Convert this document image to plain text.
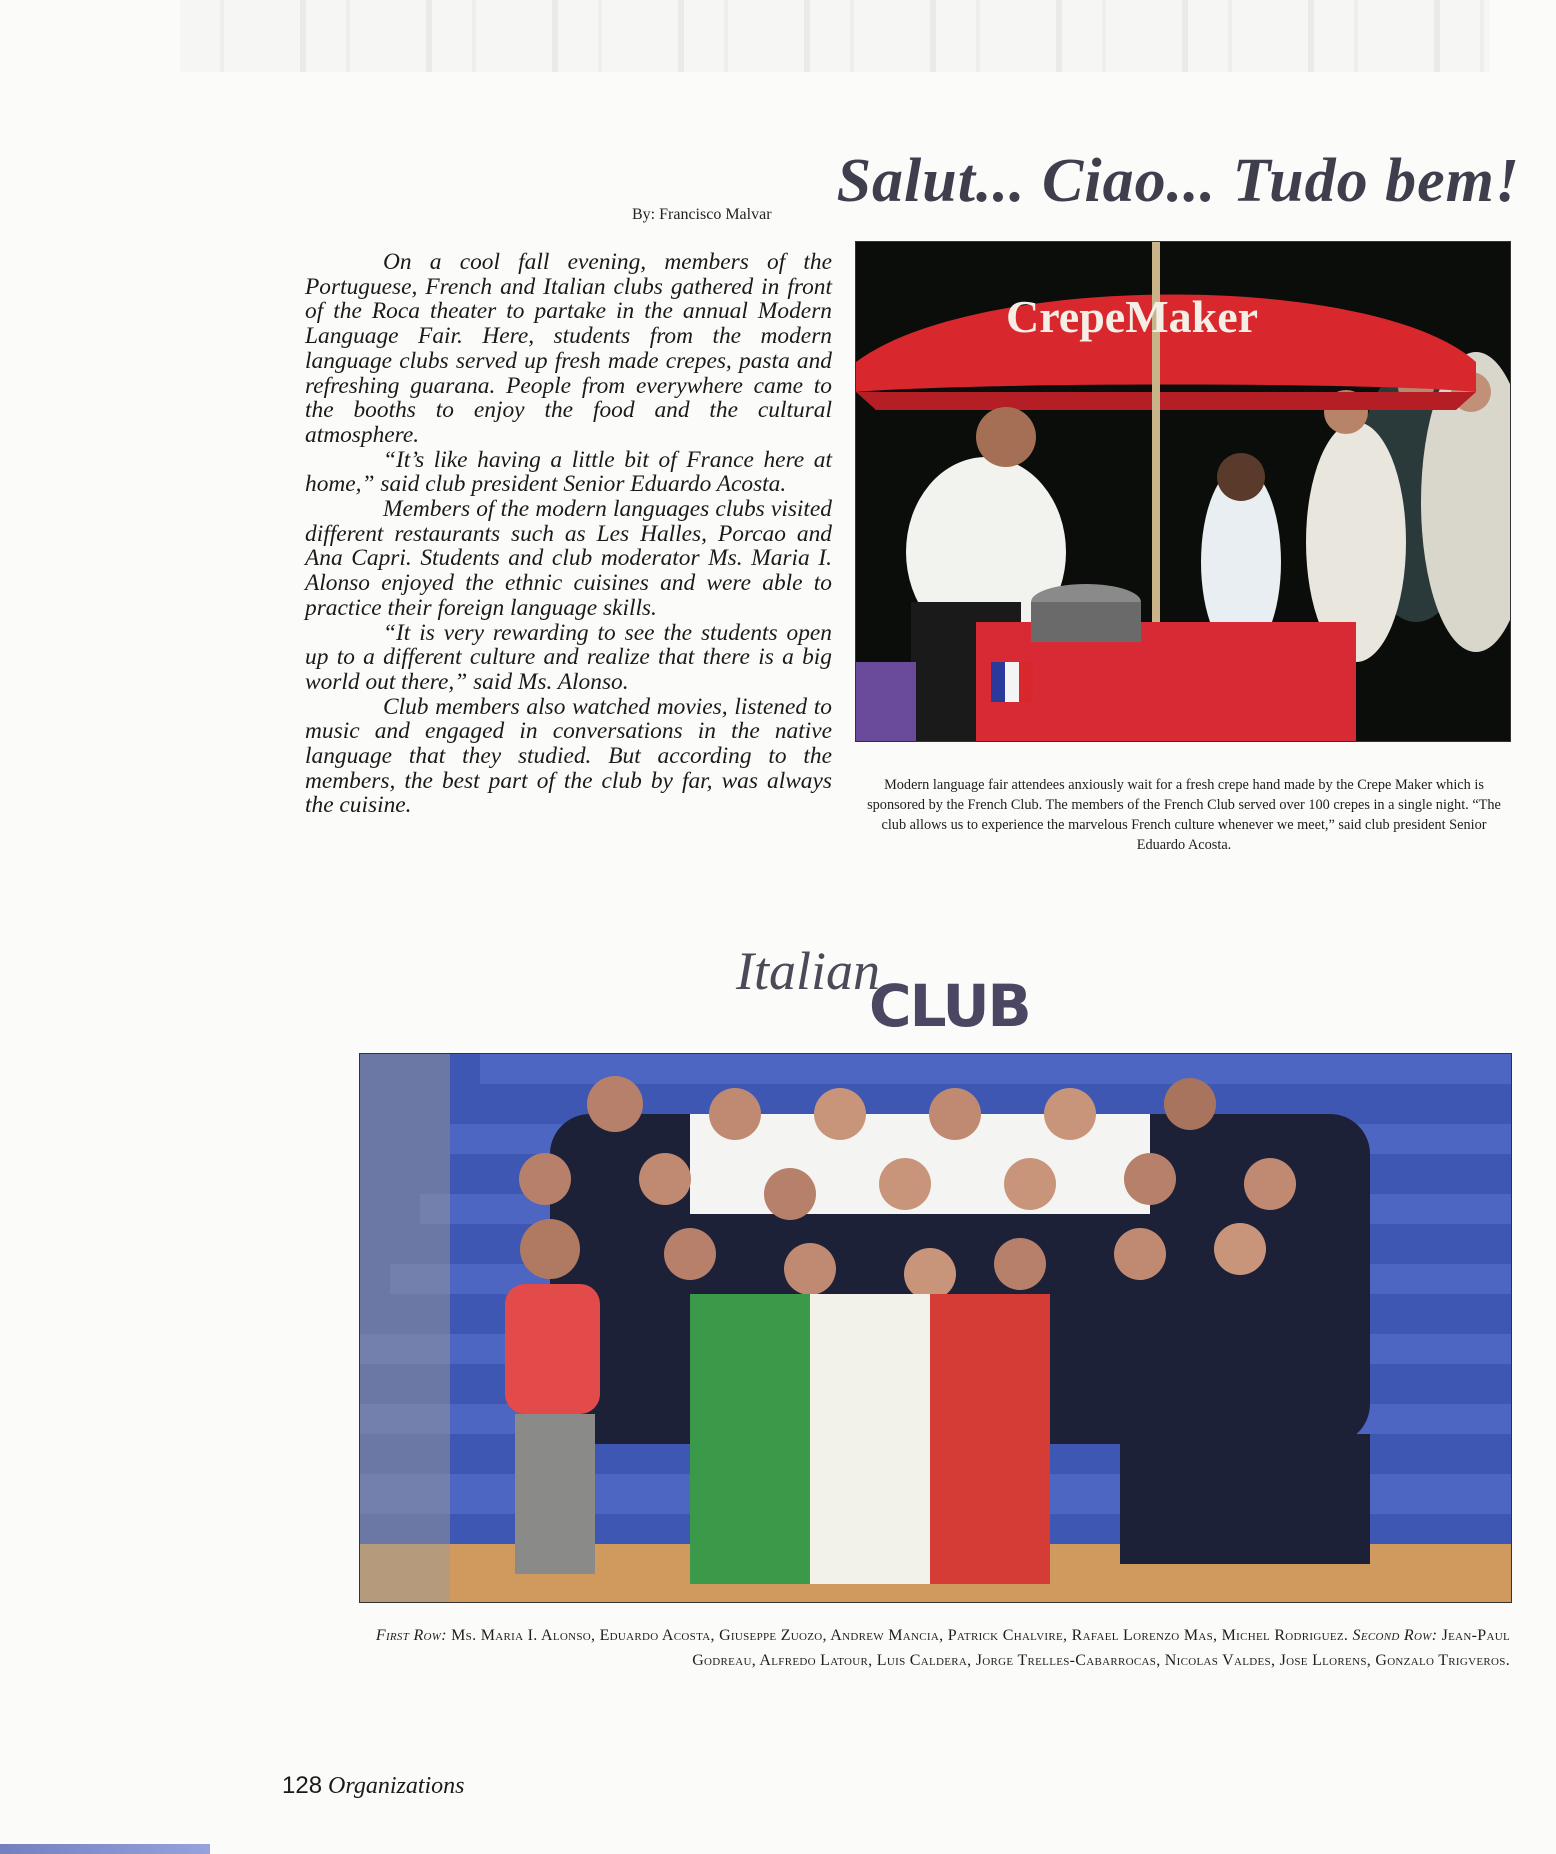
Salut... Ciao... Tudo bem!
By: Francisco Malvar

On a cool fall evening, members of the Portuguese, French and Italian clubs gathered in front of the Roca theater to partake in the annual Modern Language Fair. Here, students from the modern language clubs served up fresh made crepes, pasta and refreshing guarana. People from everywhere came to the booths to enjoy the food and the cultural atmosphere.

“It’s like having a little bit of France here at home,” said club president Senior Eduardo Acosta.

Members of the modern languages clubs visited different restaurants such as Les Halles, Porcao and Ana Capri. Students and club moderator Ms. Maria I. Alonso enjoyed the ethnic cuisines and were able to practice their foreign language skills.

“It is very rewarding to see the students open up to a different culture and realize that there is a big world out there,” said Ms. Alonso.

Club members also watched movies, listened to music and engaged in conversations in the native language that they studied. But according to the members, the best part of the club by far, was always the cuisine.

CrepeMaker
Modern language fair attendees anxiously wait for a fresh crepe hand made by the Crepe Maker which is sponsored by the French Club. The members of the French Club served over 100 crepes in a single night. “The club allows us to experience the marvelous French culture whenever we meet,” said club president Senior Eduardo Acosta.
Italian
CLUB
First Row: Ms. Maria I. Alonso, Eduardo Acosta, Giuseppe Zuozo, Andrew Mancia, Patrick Chalvire, Rafael Lorenzo Mas, Michel Rodriguez. Second Row: Jean-Paul Godreau, Alfredo Latour, Luis Caldera, Jorge Trelles-Cabarrocas, Nicolas Valdes, Jose Llorens, Gonzalo Trigveros.
128 Organizations
